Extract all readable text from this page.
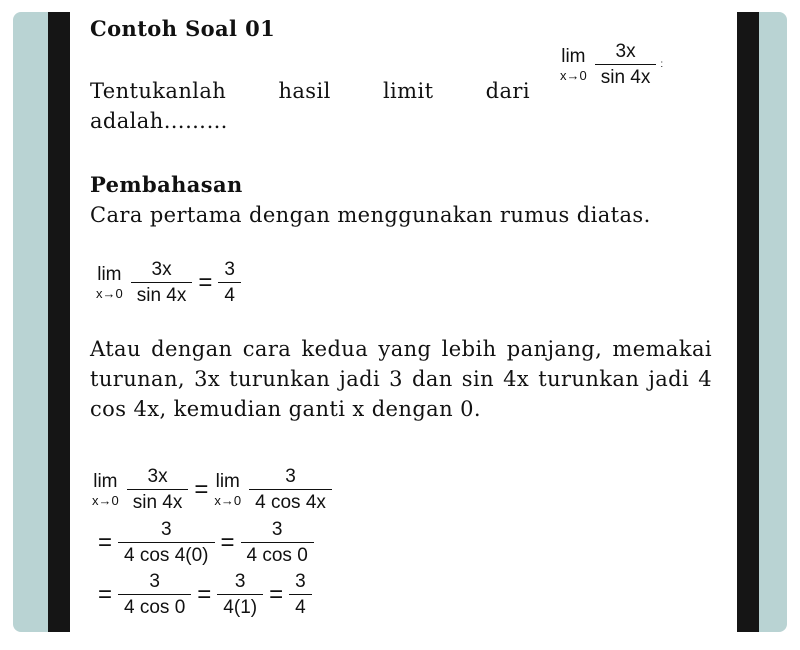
Contoh Soal 01
Tentukanlah hasil limit dari
lim
$x\to 0 \frac{3x}{\sin 4x}$ :
adalah………
Pembahasan
Cara pertama dengan menggunakan rumus diatas.
lim
$x\to 0 \frac{3x}{\sin 4x} = \frac{3}{4}$
Atau dengan cara kedua yang lebih panjang, memakai turunan, 3x turunkan jadi 3 dan sin 4x turunkan jadi 4 cos 4x, kemudian ganti x dengan 0.
lim
$x\to 0 \frac{3x}{\sin 4x} = \lim$
$x\to 0 \frac{3}{4 \cos 4x}$
= $\frac{3}{4 \cos 4(0)} = \frac{3}{4 \cos 0}$
= $\frac{3}{4 \cos 0} = \frac{3}{4(1)} = \frac{3}{4}$
